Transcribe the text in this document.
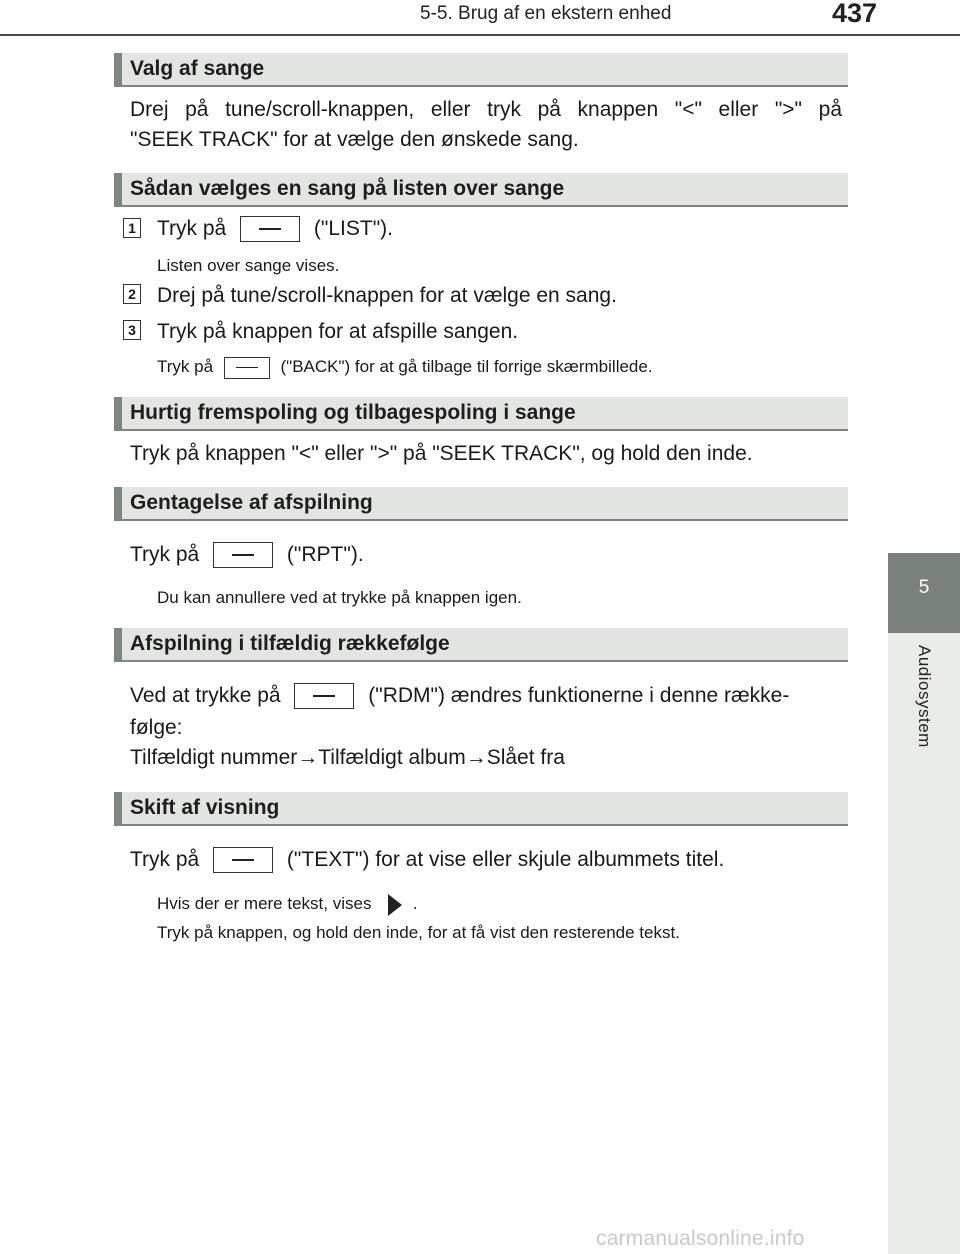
5-5. Brug af en ekstern enhed	437
5
Audiosystem
Valg af sange
Drej på tune/scroll-knappen, eller tryk på knappen "<" eller ">" på
"SEEK TRACK" for at vælge den ønskede sang.
Sådan vælges en sang på listen over sange
1 Tryk på	("LIST").
Listen over sange vises.
2 Drej på tune/scroll-knappen for at vælge en sang.
3 Tryk på knappen for at afspille sangen.
Tryk på	("BACK") for at gå tilbage til forrige skærmbillede.
Hurtig fremspoling og tilbagespoling i sange
Tryk på knappen "<" eller ">" på "SEEK TRACK", og hold den inde.
Gentagelse af afspilning
Tryk på	("RPT").
Du kan annullere ved at trykke på knappen igen.
Afspilning i tilfældig rækkefølge
Ved at trykke på	("RDM") ændres funktionerne i denne række-
følge:
Tilfældigt nummer→Tilfældigt album→Slået fra
Skift af visning
Tryk på	("TEXT") for at vise eller skjule albummets titel.
Hvis der er mere tekst, vises .
Tryk på knappen, og hold den inde, for at få vist den resterende tekst.
carmanualsonline.info
